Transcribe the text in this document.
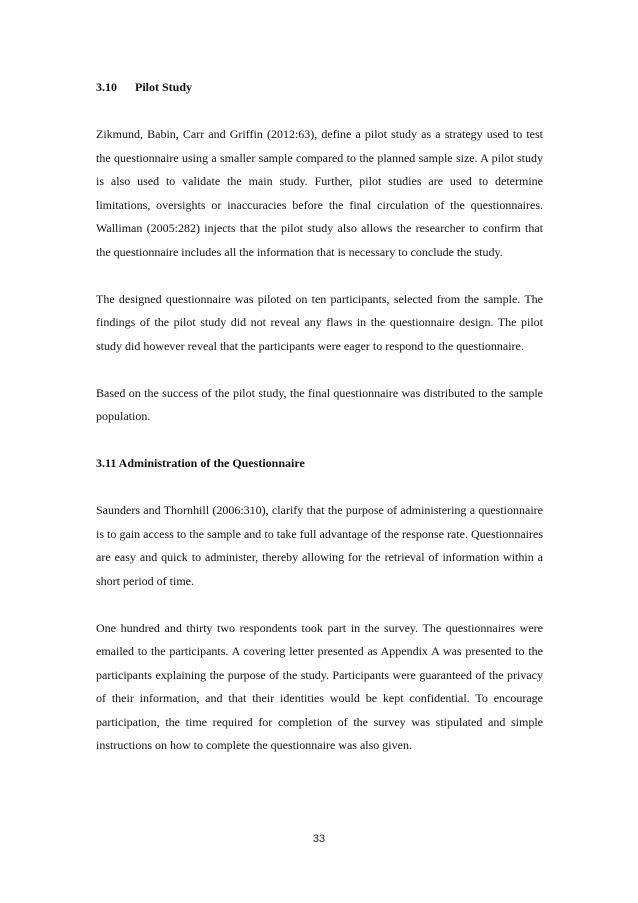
3.10 Pilot Study

Zikmund, Babin, Carr and Griffin (2012:63), define a pilot study as a strategy used to test the questionnaire using a smaller sample compared to the planned sample size. A pilot study is also used to validate the main study. Further, pilot studies are used to determine limitations, oversights or inaccuracies before the final circulation of the questionnaires. Walliman (2005:282) injects that the pilot study also allows the researcher to confirm that the questionnaire includes all the information that is necessary to conclude the study.

The designed questionnaire was piloted on ten participants, selected from the sample. The findings of the pilot study did not reveal any flaws in the questionnaire design. The pilot study did however reveal that the participants were eager to respond to the questionnaire.

Based on the success of the pilot study, the final questionnaire was distributed to the sample population.

3.11 Administration of the Questionnaire

Saunders and Thornhill (2006:310), clarify that the purpose of administering a questionnaire is to gain access to the sample and to take full advantage of the response rate. Questionnaires are easy and quick to administer, thereby allowing for the retrieval of information within a short period of time.

One hundred and thirty two respondents took part in the survey. The questionnaires were emailed to the participants. A covering letter presented as Appendix A was presented to the participants explaining the purpose of the study. Participants were guaranteed of the privacy of their information, and that their identities would be kept confidential. To encourage participation, the time required for completion of the survey was stipulated and simple instructions on how to complete the questionnaire was also given.

33
